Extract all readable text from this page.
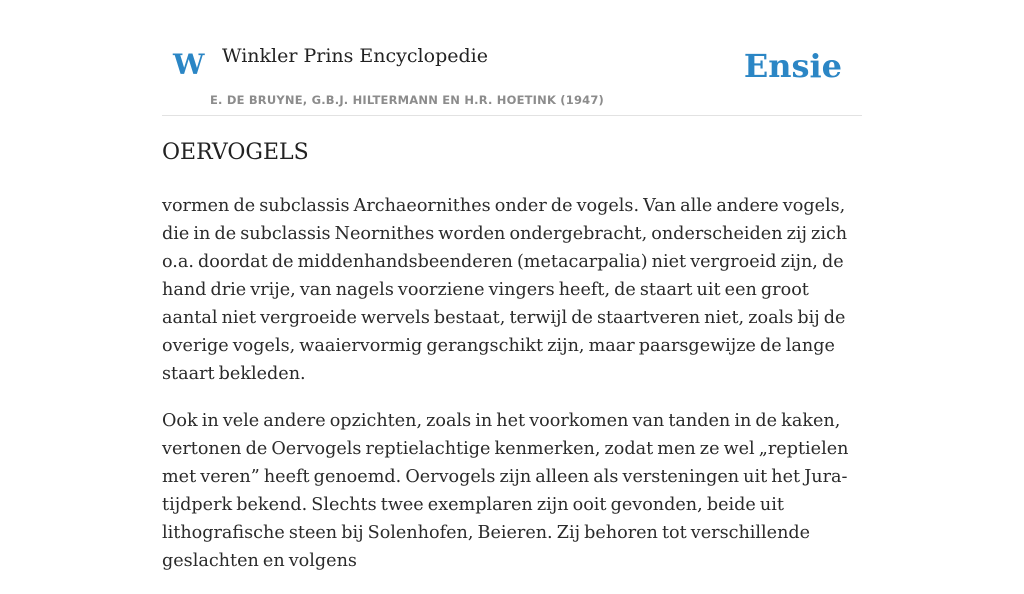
W Winkler Prins Encyclopedie
E. DE BRUYNE, G.B.J. HILTERMANN EN H.R. HOETINK (1947)
Ensie
OERVOGELS

vormen de subclassis Archaeornithes onder de vogels. Van alle andere vogels, die in de subclassis Neornithes worden ondergebracht, onderscheiden zij zich o.a. doordat de middenhandsbeenderen (metacarpalia) niet vergroeid zijn, de hand drie vrije, van nagels voorziene vingers heeft, de staart uit een groot aantal niet vergroeide wervels bestaat, terwijl de staartveren niet, zoals bij de overige vogels, waaiervormig gerangschikt zijn, maar paarsgewijze de lange staart bekleden.

Ook in vele andere opzichten, zoals in het voorkomen van tanden in de kaken, vertonen de Oervogels reptielachtige kenmerken, zodat men ze wel „reptielen met veren” heeft genoemd. Oervogels zijn alleen als versteningen uit het Jura-tijdperk bekend. Slechts twee exemplaren zijn ooit gevonden, beide uit lithografische steen bij Solenhofen, Beieren. Zij behoren tot verschillende geslachten en volgens
